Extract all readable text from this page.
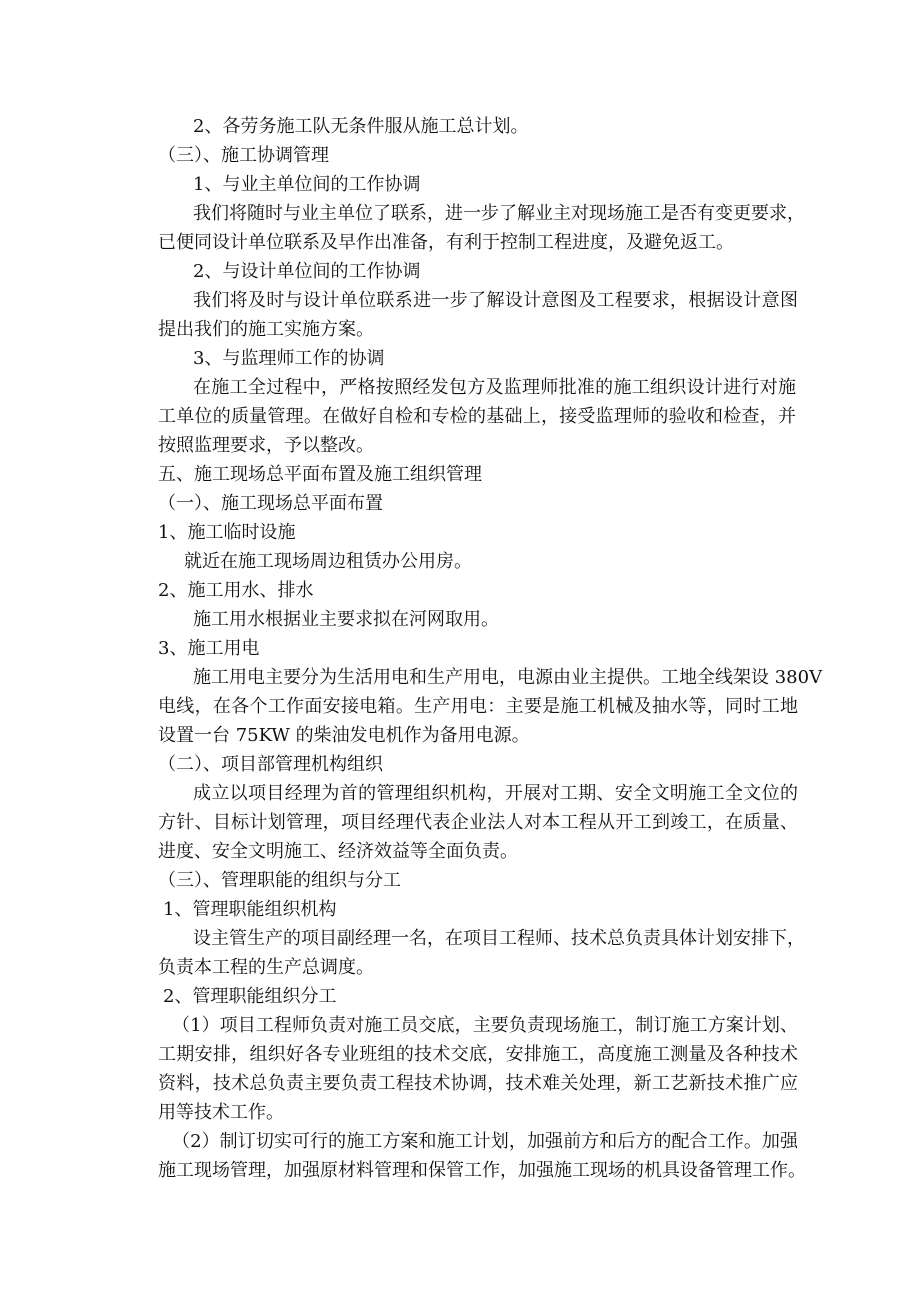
2、各劳务施工队无条件服从施工总计划。
（三）、施工协调管理
1、与业主单位间的工作协调
我们将随时与业主单位了联系，进一步了解业主对现场施工是否有变更要求，
已便同设计单位联系及早作出准备，有利于控制工程进度，及避免返工。
2、与设计单位间的工作协调
我们将及时与设计单位联系进一步了解设计意图及工程要求，根据设计意图
提出我们的施工实施方案。
3、与监理师工作的协调
在施工全过程中，严格按照经发包方及监理师批准的施工组织设计进行对施
工单位的质量管理。在做好自检和专检的基础上，接受监理师的验收和检查，并
按照监理要求，予以整改。
五、施工现场总平面布置及施工组织管理
（一）、施工现场总平面布置
1、施工临时设施
就近在施工现场周边租赁办公用房。
2、施工用水、排水
施工用水根据业主要求拟在河网取用。
3、施工用电
施工用电主要分为生活用电和生产用电，电源由业主提供。工地全线架设 380V
电线，在各个工作面安接电箱。生产用电：主要是施工机械及抽水等，同时工地
设置一台 75KW 的柴油发电机作为备用电源。
（二）、项目部管理机构组织
成立以项目经理为首的管理组织机构，开展对工期、安全文明施工全文位的
方针、目标计划管理，项目经理代表企业法人对本工程从开工到竣工，在质量、
进度、安全文明施工、经济效益等全面负责。
（三）、管理职能的组织与分工
1、管理职能组织机构
设主管生产的项目副经理一名，在项目工程师、技术总负责具体计划安排下，
负责本工程的生产总调度。
2、管理职能组织分工
（1）项目工程师负责对施工员交底，主要负责现场施工，制订施工方案计划、
工期安排，组织好各专业班组的技术交底，安排施工，高度施工测量及各种技术
资料，技术总负责主要负责工程技术协调，技术难关处理，新工艺新技术推广应
用等技术工作。
（2）制订切实可行的施工方案和施工计划，加强前方和后方的配合工作。加强
施工现场管理，加强原材料管理和保管工作，加强施工现场的机具设备管理工作。
